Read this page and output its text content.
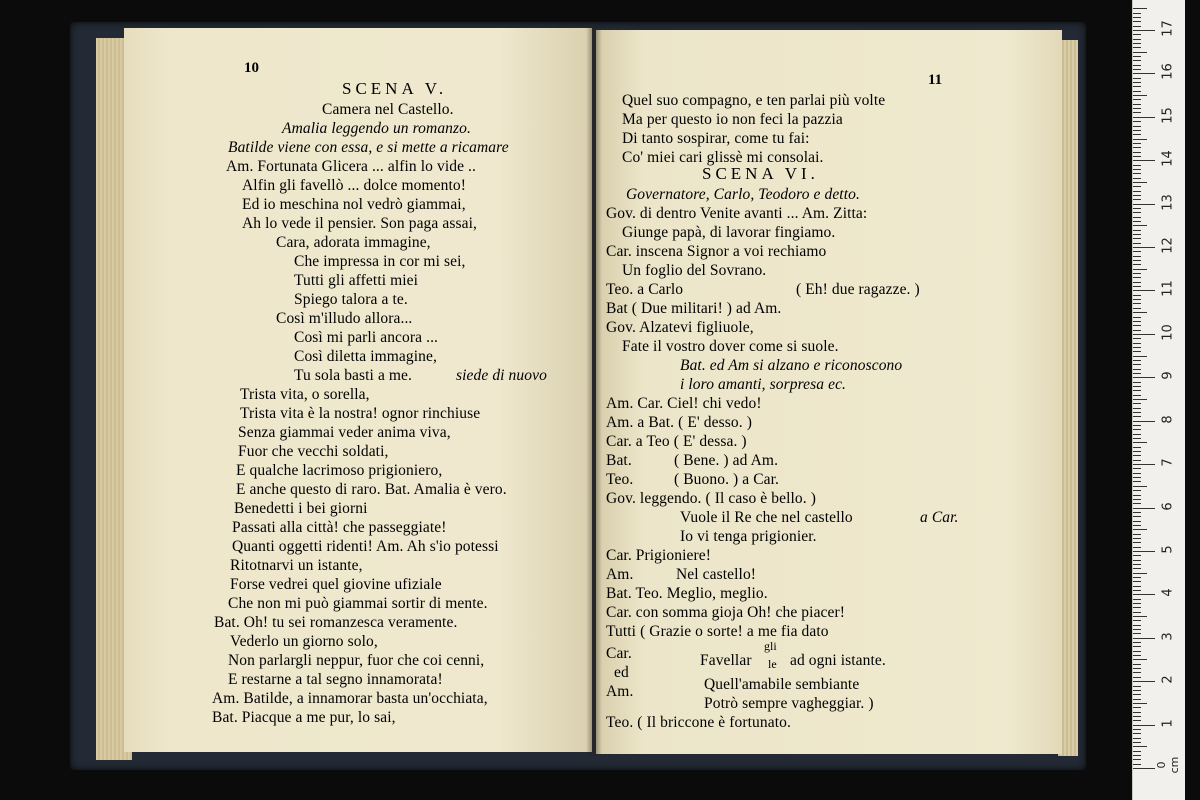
10
SCENA V.	11
SCENA VI.
gli
le
Camera nel Castello.
Amalia leggendo un romanzo.
Batilde viene con essa, e si mette a ricamare
Am. Fortunata Glicera ... alfin lo vide ..
Alfin gli favellò ... dolce momento!
Ed io meschina nol vedrò giammai,
Ah lo vede il pensier. Son paga assai,
Cara, adorata immagine,
Che impressa in cor mi sei,
Tutti gli affetti miei
Spiego talora a te.
Così m'illudo allora...
Così mi parli ancora ...
Così diletta immagine,
Tu sola basti a me.	siede di nuovo
Trista vita, o sorella,
Trista vita è la nostra! ognor rinchiuse
Senza giammai veder anima viva,
Fuor che vecchi soldati,
E qualche lacrimoso prigioniero,
E anche questo di raro. Bat. Amalia è vero.
Benedetti i bei giorni
Passati alla città! che passeggiate!
Quanti oggetti ridenti! Am. Ah s'io potessi
Ritotnarvi un istante,
Forse vedrei quel giovine ufiziale
Che non mi può giammai sortir di mente.
Bat. Oh! tu sei romanzesca veramente.
Vederlo un giorno solo,
Non parlargli neppur, fuor che coi cenni,
E restarne a tal segno innamorata!
Am. Batilde, a innamorar basta un'occhiata,
Bat. Piacque a me pur, lo sai,
Quel suo compagno, e ten parlai più volte
Ma per questo io non feci la pazzia
Di tanto sospirar, come tu fai:
Co' miei cari glissè mi consolai.
Governatore, Carlo, Teodoro e detto.
Gov. di dentro Venite avanti ... Am. Zitta:
Giunge papà, di lavorar fingiamo.
Car. inscena Signor a voi rechiamo
Un foglio del Sovrano.
Teo. a Carlo	( Eh! due ragazze. )
Bat ( Due militari! ) ad Am.
Gov. Alzatevi figliuole,
Fate il vostro dover come si suole.
Bat. ed Am si alzano e riconoscono
i loro amanti, sorpresa ec.
Am. Car. Ciel! chi vedo!
Am. a Bat. ( E' desso. )
Car. a Teo ( E' dessa. )
Bat.	( Bene. ) ad Am.
Teo.	( Buono. ) a Car.
Gov. leggendo. ( Il caso è bello. )
Vuole il Re che nel castello	a Car.
Io vi tenga prigionier.
Car. Prigioniere!
Am.	Nel castello!
Bat. Teo. Meglio, meglio.
Car. con somma gioja Oh! che piacer!
Tutti ( Grazie o sorte! a me fia dato
Car.	Favellar ad ogni istante.
ed
Am.	Quell'amabile sembiante
Potrò sempre vagheggiar. )
Teo. ( Il briccone è fortunato.
0 cm
1
2
3
4
5
6
7
8
9
10
11
12
13
14
15
16
17
